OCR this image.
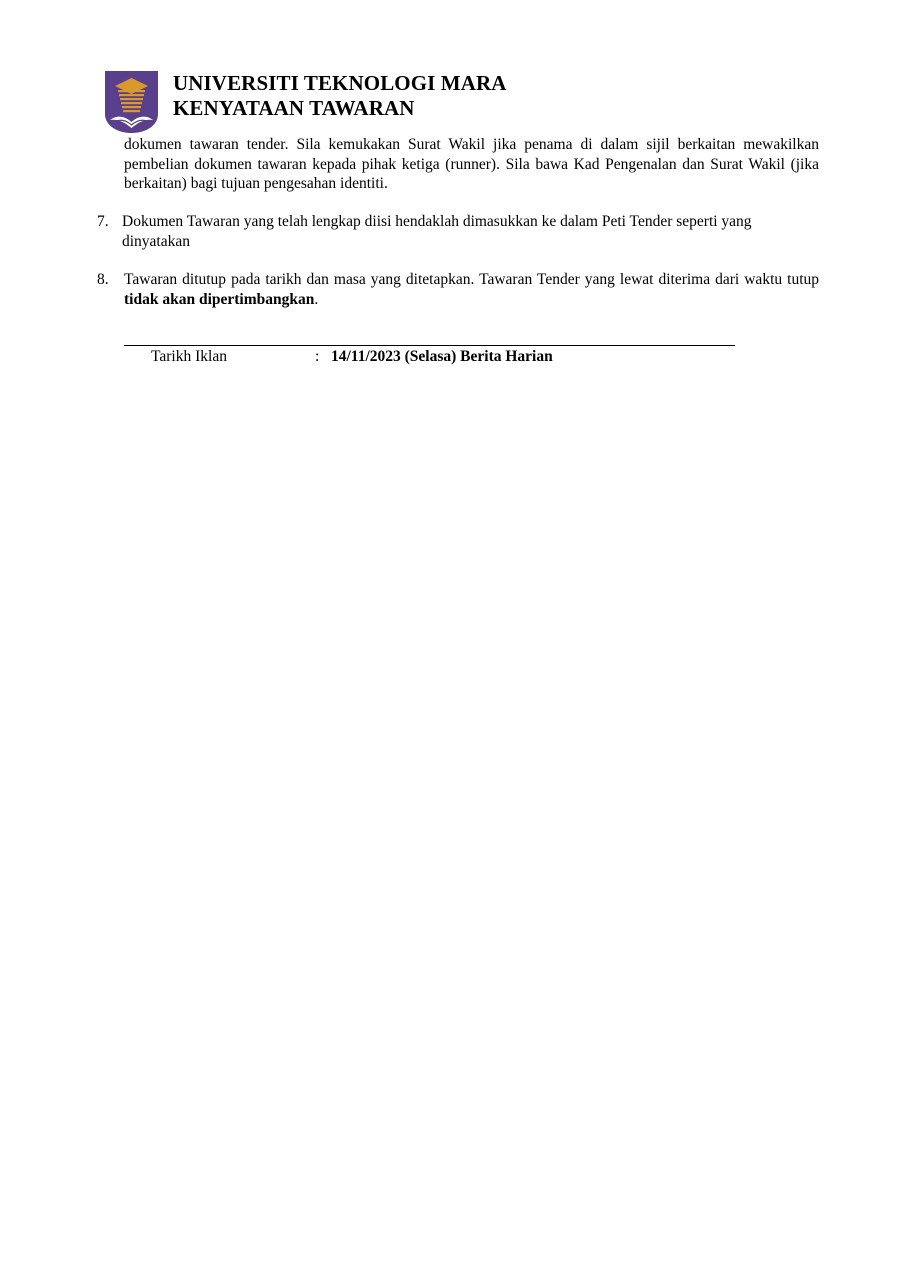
UNIVERSITI TEKNOLOGI MARA
KENYATAAN TAWARAN
dokumen tawaran tender. Sila kemukakan Surat Wakil jika penama di dalam sijil berkaitan mewakilkan pembelian dokumen tawaran kepada pihak ketiga (runner). Sila bawa Kad Pengenalan dan Surat Wakil (jika berkaitan) bagi tujuan pengesahan identiti.
7. Dokumen Tawaran yang telah lengkap diisi hendaklah dimasukkan ke dalam Peti Tender seperti yang dinyatakan
8. Tawaran ditutup pada tarikh dan masa yang ditetapkan. Tawaran Tender yang lewat diterima dari waktu tutup tidak akan dipertimbangkan.
Tarikh Iklan	: 14/11/2023 (Selasa) Berita Harian
